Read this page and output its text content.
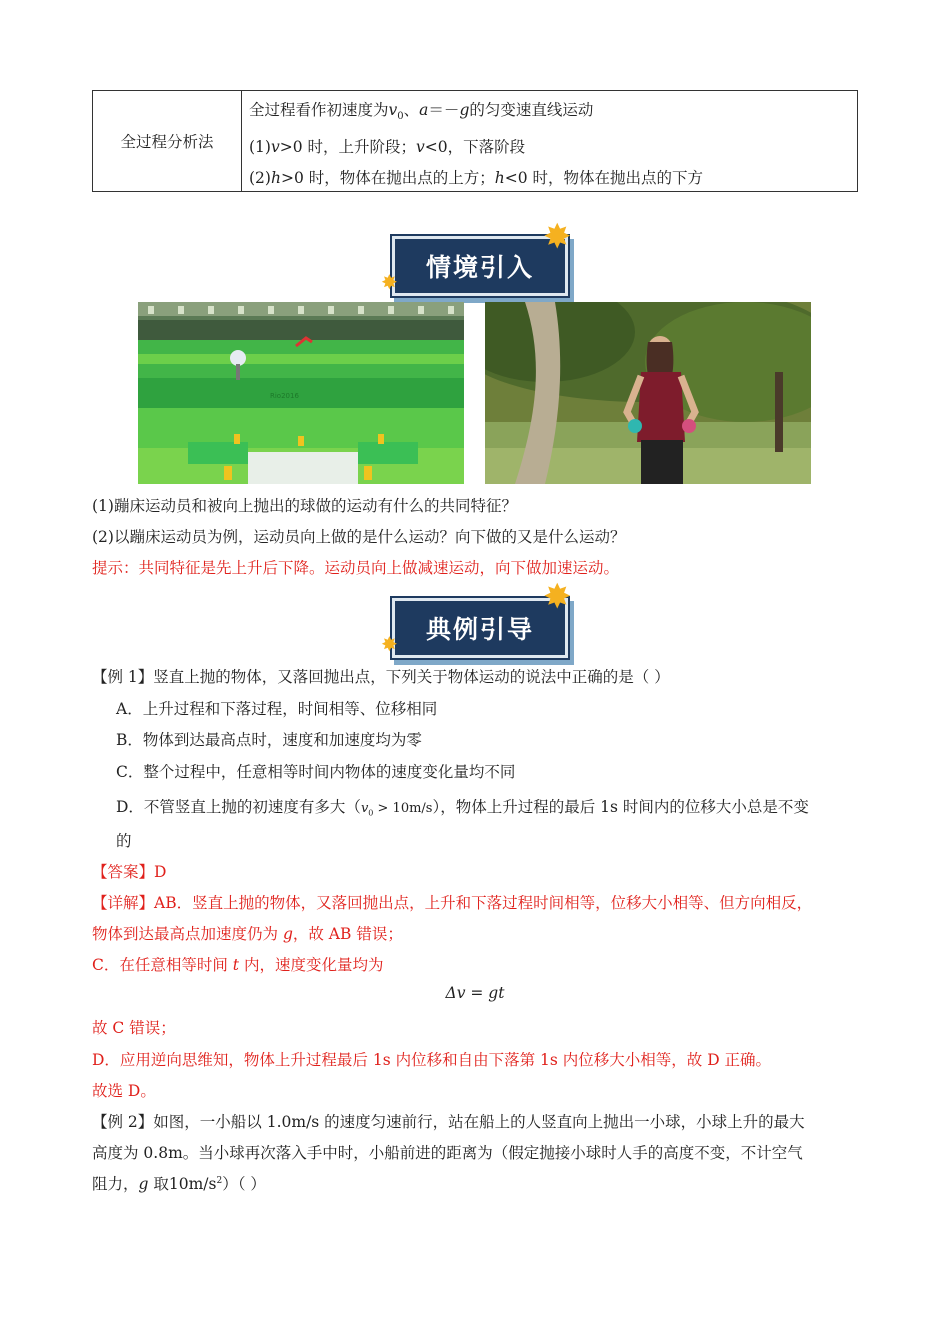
全过程分析法
全过程看作初速度为$v_0$、a＝－g的匀变速直线运动
(1)v>0 时，上升阶段；v<0，下落阶段
(2)h>0 时，物体在抛出点的上方；h<0 时，物体在抛出点的下方
情境引入
✸
✸
Rio2016
(1)蹦床运动员和被向上抛出的球做的运动有什么的共同特征？
(2)以蹦床运动员为例，运动员向上做的是什么运动？向下做的又是什么运动？
提示：共同特征是先上升后下降。运动员向上做减速运动，向下做加速运动。
典例引导
✸
✸
【例 1】竖直上抛的物体，又落回抛出点，下列关于物体运动的说法中正确的是（ ）
A．上升过程和下落过程，时间相等、位移相同
B．物体到达最高点时，速度和加速度均为零
C．整个过程中，任意相等时间内物体的速度变化量均不同
D．不管竖直上抛的初速度有多大$(v_0 > 10m/s)$，物体上升过程的最后 1s 时间内的位移大小总是不变
的
【答案】D
【详解】AB．竖直上抛的物体，又落回抛出点，上升和下落过程时间相等，位移大小相等、但方向相反，
物体到达最高点加速度仍为 g，故 AB 错误；
C．在任意相等时间 t 内，速度变化量均为
Δv = gt
故 C 错误；
D．应用逆向思维知，物体上升过程最后 1s 内位移和自由下落第 1s 内位移大小相等，故 D 正确。
故选 D。
【例 2】如图，一小船以 1.0m/s 的速度匀速前行，站在船上的人竖直向上抛出一小球，小球上升的最大
高度为 0.8m。当小球再次落入手中时，小船前进的距离为（假定抛接小球时人手的高度不变，不计空气
阻力，g 取$10m/s^2$）（ ）
